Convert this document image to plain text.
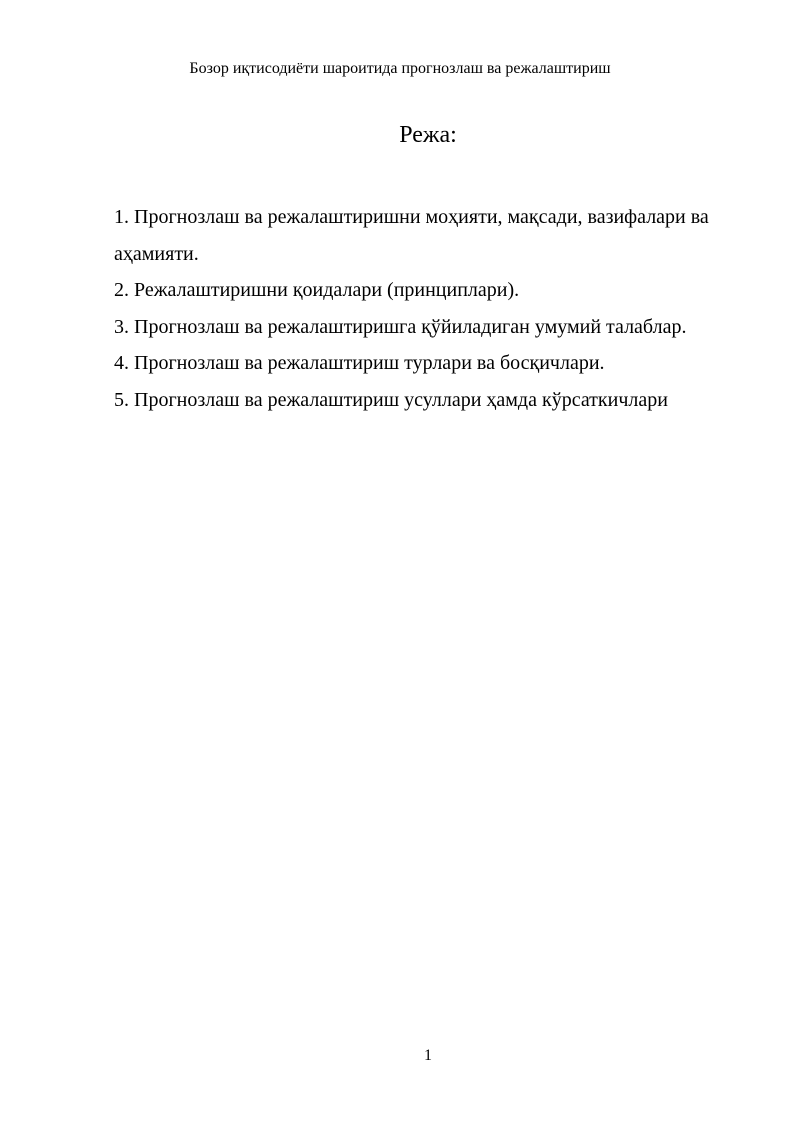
Бозор иқтисодиёти шароитида прогнозлаш ва режалаштириш
Режа:
1. Прогнозлаш ва режалаштиришни моҳияти, мақсади, вазифалари ва аҳамияти.
2. Режалаштиришни қоидалари (принциплари).
3. Прогнозлаш ва режалаштиришга қўйиладиган умумий талаблар.
4. Прогнозлаш ва режалаштириш турлари ва босқичлари.
5. Прогнозлаш ва режалаштириш усуллари ҳамда кўрсаткичлари
1
